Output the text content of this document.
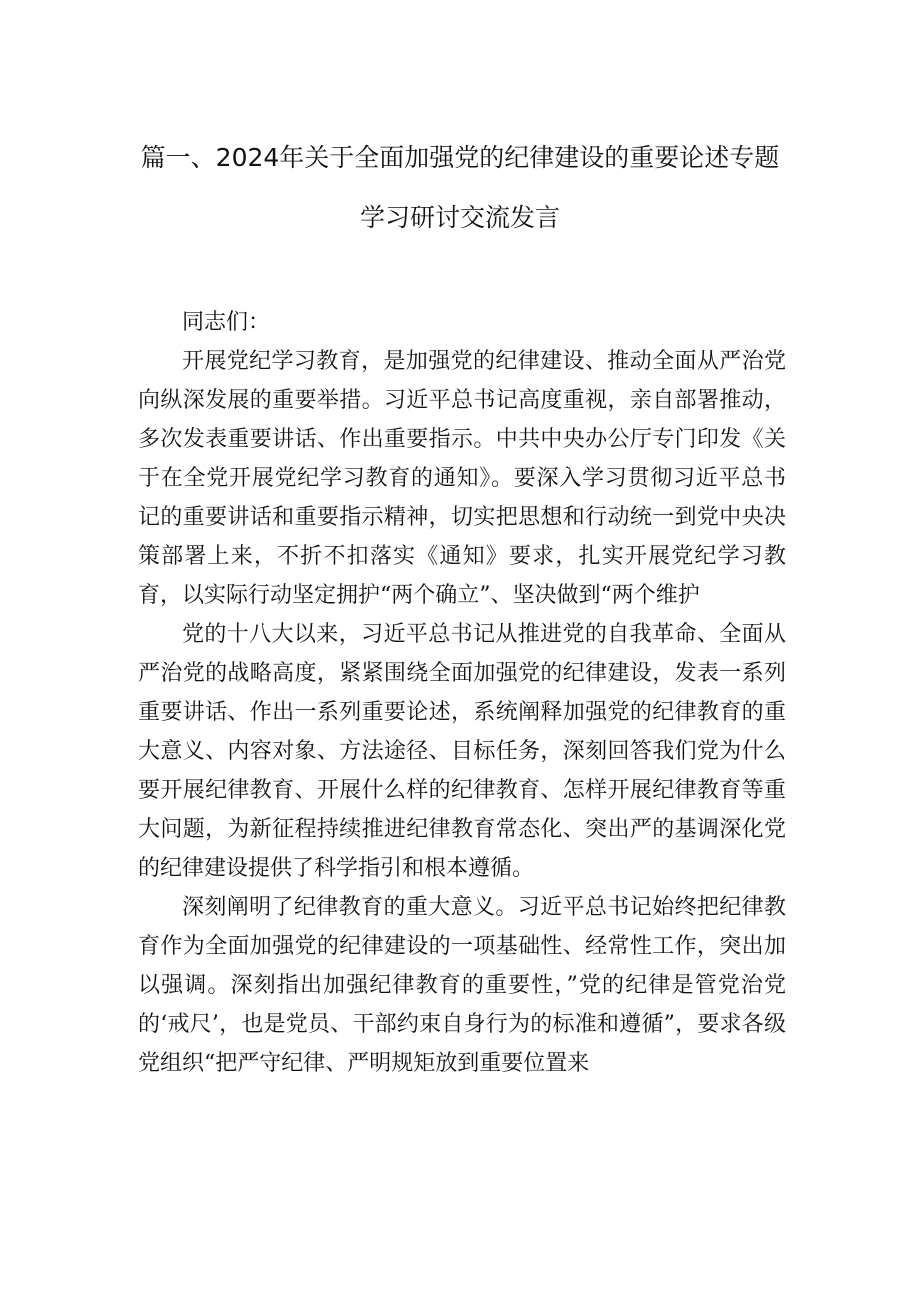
篇一、2024年关于全面加强党的纪律建设的重要论述专题
学习研讨交流发言

同志们：

开展党纪学习教育，是加强党的纪律建设、推动全面从严治党向纵深发展的重要举措。习近平总书记高度重视，亲自部署推动，多次发表重要讲话、作出重要指示。中共中央办公厅专门印发《关于在全党开展党纪学习教育的通知》。要深入学习贯彻习近平总书记的重要讲话和重要指示精神，切实把思想和行动统一到党中央决策部署上来，不折不扣落实《通知》要求，扎实开展党纪学习教育，以实际行动坚定拥护“两个确立”、坚决做到“两个维护

党的十八大以来，习近平总书记从推进党的自我革命、全面从严治党的战略高度，紧紧围绕全面加强党的纪律建设，发表一系列重要讲话、作出一系列重要论述，系统阐释加强党的纪律教育的重大意义、内容对象、方法途径、目标任务，深刻回答我们党为什么要开展纪律教育、开展什么样的纪律教育、怎样开展纪律教育等重大问题，为新征程持续推进纪律教育常态化、突出严的基调深化党的纪律建设提供了科学指引和根本遵循。

深刻阐明了纪律教育的重大意义。习近平总书记始终把纪律教育作为全面加强党的纪律建设的一项基础性、经常性工作，突出加以强调。深刻指出加强纪律教育的重要性，”党的纪律是管党治党的‘戒尺’，也是党员、干部约束自身行为的标准和遵循”，要求各级党组织“把严守纪律、严明规矩放到重要位置来
